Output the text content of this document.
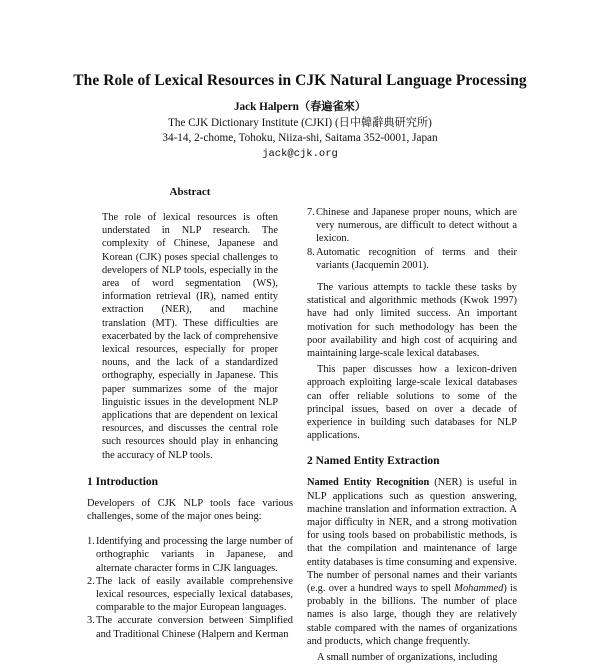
The Role of Lexical Resources in CJK Natural Language Processing
Jack Halpern（春遍雀來）
The CJK Dictionary Institute (CJKI) (日中韓辭典研究所)
34-14, 2-chome, Tohoku, Niiza-shi, Saitama 352-0001, Japan
jack@cjk.org
Abstract

The role of lexical resources is often understated in NLP research. The complexity of Chinese, Japanese and Korean (CJK) poses special challenges to developers of NLP tools, especially in the area of word segmentation (WS), information retrieval (IR), named entity extraction (NER), and machine translation (MT). These difficulties are exacerbated by the lack of comprehensive lexical resources, especially for proper nouns, and the lack of a standardized orthography, especially in Japanese. This paper summarizes some of the major linguistic issues in the development NLP applications that are dependent on lexical resources, and discusses the central role such resources should play in enhancing the accuracy of NLP tools.

1 Introduction

Developers of CJK NLP tools face various challenges, some of the major ones being:

1. Identifying and processing the large number of orthographic variants in Japanese, and alternate character forms in CJK languages.
2. The lack of easily available comprehensive lexical resources, especially lexical databases, comparable to the major European languages.
3. The accurate conversion between Simplified and Traditional Chinese (Halpern and Kerman
7. Chinese and Japanese proper nouns, which are very numerous, are difficult to detect without a lexicon.
8. Automatic recognition of terms and their variants (Jacquemin 2001).

The various attempts to tackle these tasks by statistical and algorithmic methods (Kwok 1997) have had only limited success. An important motivation for such methodology has been the poor availability and high cost of acquiring and maintaining large-scale lexical databases.

This paper discusses how a lexicon-driven approach exploiting large-scale lexical databases can offer reliable solutions to some of the principal issues, based on over a decade of experience in building such databases for NLP applications.

2 Named Entity Extraction

Named Entity Recognition (NER) is useful in NLP applications such as question answering, machine translation and information extraction. A major difficulty in NER, and a strong motivation for using tools based on probabilistic methods, is that the compilation and maintenance of large entity databases is time consuming and expensive. The number of personal names and their variants (e.g. over a hundred ways to spell Mohammed) is probably in the billions. The number of place names is also large, though they are relatively stable compared with the names of organizations and products, which change frequently.

A small number of organizations, including
